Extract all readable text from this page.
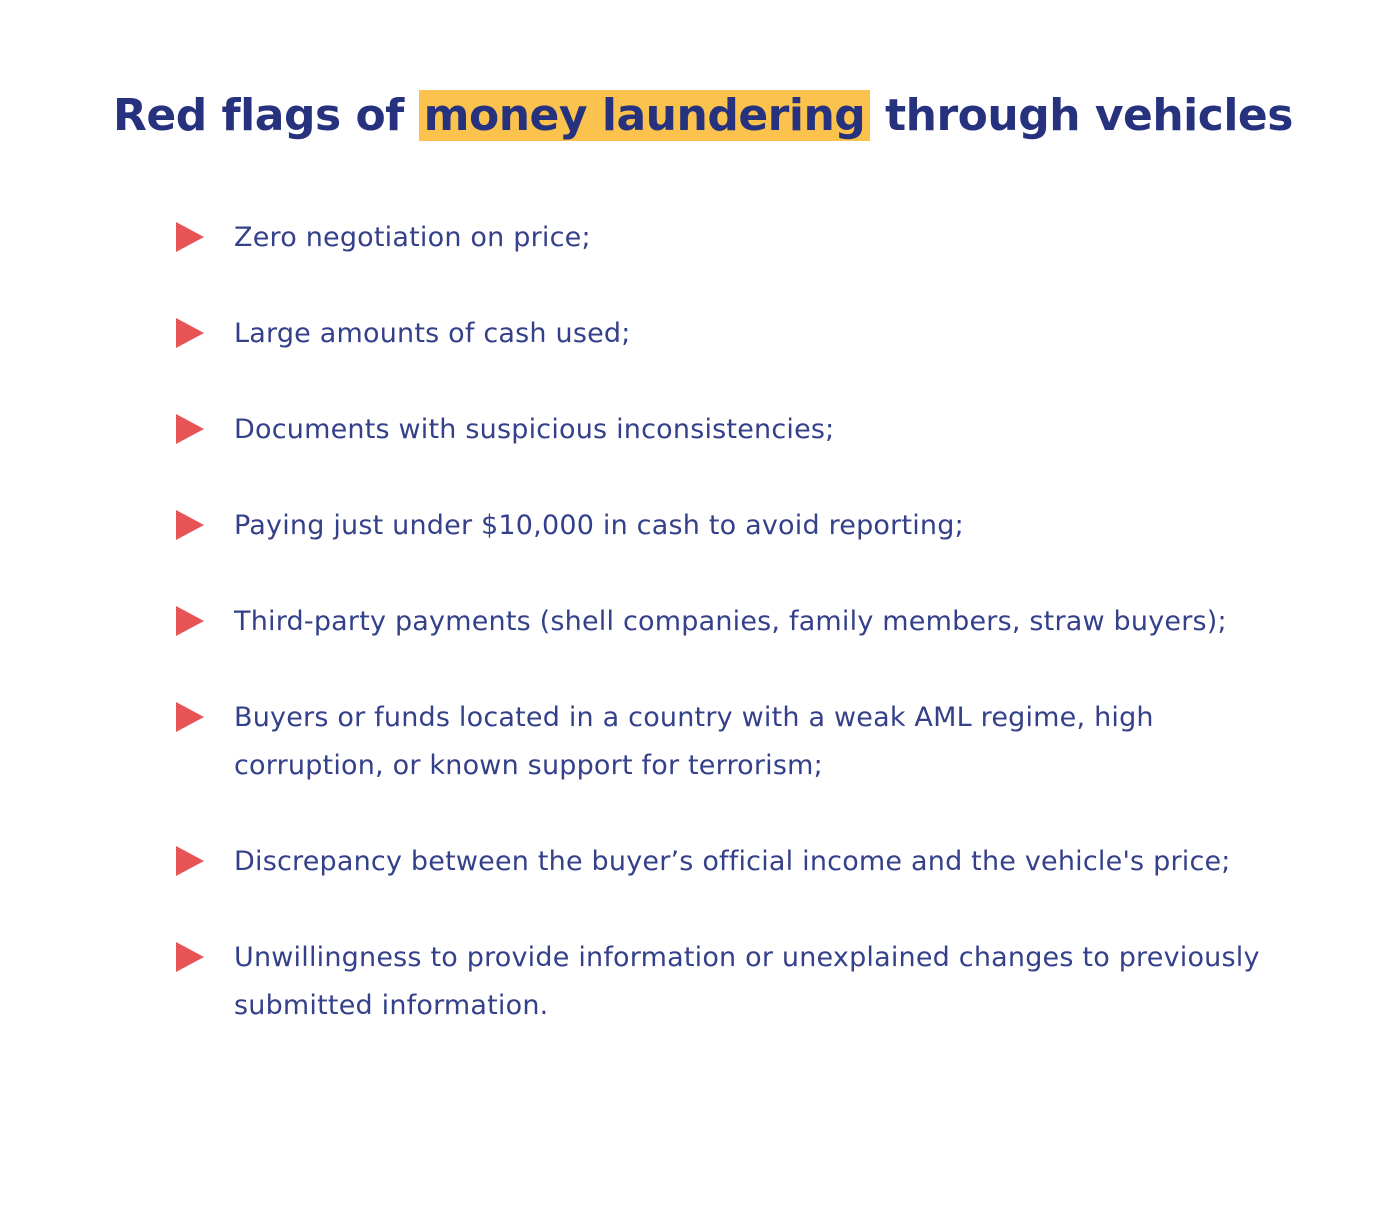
Red flags of money laundering through vehicles
Zero negotiation on price;
Large amounts of cash used;
Documents with suspicious inconsistencies;
Paying just under $10,000 in cash to avoid reporting;
Third-party payments (shell companies, family members, straw buyers);
Buyers or funds located in a country with a weak AML regime, high corruption, or known support for terrorism;
Discrepancy between the buyer’s official income and the vehicle's price;
Unwillingness to provide information or unexplained changes to previously submitted information.
